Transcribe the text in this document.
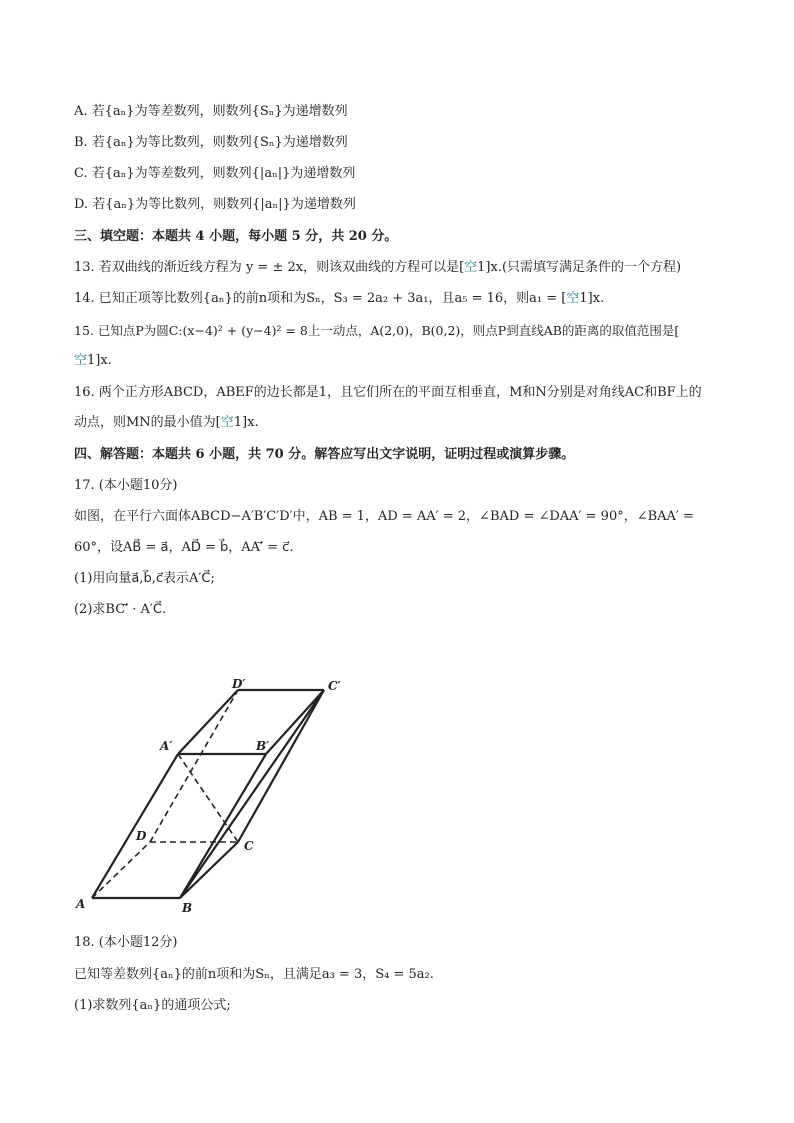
A. 若{aₙ}为等差数列，则数列{Sₙ}为递增数列
B. 若{aₙ}为等比数列，则数列{Sₙ}为递增数列
C. 若{aₙ}为等差数列，则数列{|aₙ|}为递增数列
D. 若{aₙ}为等比数列，则数列{|aₙ|}为递增数列
三、填空题：本题共 4 小题，每小题 5 分，共 20 分。
13. 若双曲线的渐近线方程为 y = ± 2x，则该双曲线的方程可以是[空1]x.(只需填写满足条件的一个方程)
14. 已知正项等比数列{aₙ}的前n项和为Sₙ，S₃ = 2a₂ + 3a₁，且a₅ = 16，则a₁ = [空1]x.
15. 已知点P为圆C:(x−4)² + (y−4)² = 8上一动点，A(2,0)，B(0,2)，则点P到直线AB的距离的取值范围是[
空1]x.
16. 两个正方形ABCD，ABEF的边长都是1，且它们所在的平面互相垂直，M和N分别是对角线AC和BF上的
动点，则MN的最小值为[空1]x.
四、解答题：本题共 6 小题，共 70 分。解答应写出文字说明，证明过程或演算步骤。
17. (本小题10分)
如图，在平行六面体ABCD−A′B′C′D′中，AB = 1，AD = AA′ = 2，∠BAD = ∠DAA′ = 90°，∠BAA′ =
60°，设AB⃗ = a⃗，AD⃗ = b⃗，AA′⃗ = c⃗.
(1)用向量a⃗,b⃗,c⃗表示A′C⃗;
(2)求BC′⃗ · A′C⃗.
A	B
C
D
A′	B′
C′
D′
18. (本小题12分)
已知等差数列{aₙ}的前n项和为Sₙ，且满足a₃ = 3，S₄ = 5a₂.
(1)求数列{aₙ}的通项公式;
